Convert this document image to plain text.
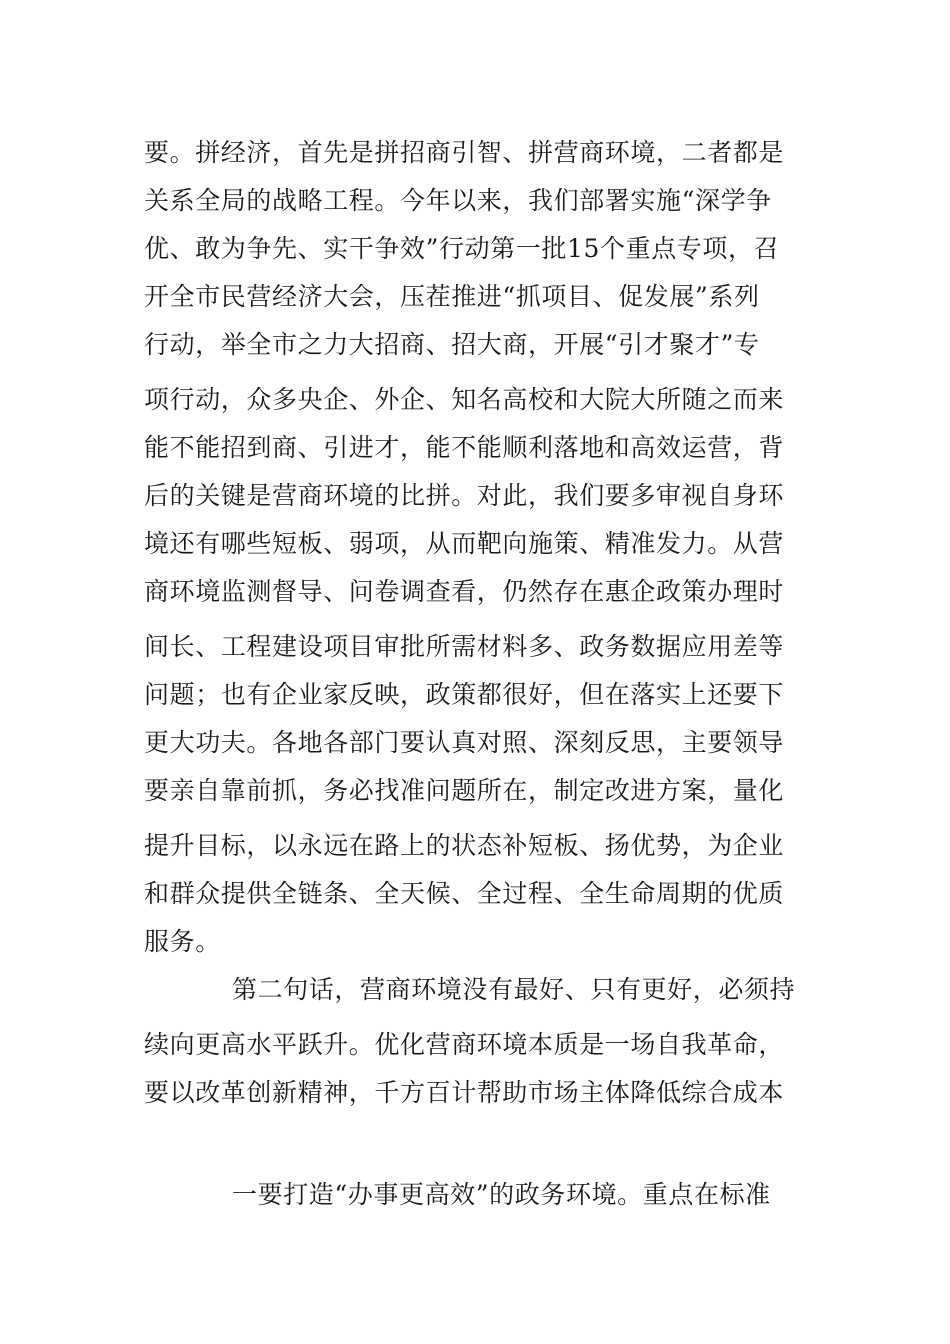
要。拼经济，首先是拼招商引智、拼营商环境，二者都是
关系全局的战略工程。今年以来，我们部署实施“深学争
优、敢为争先、实干争效”行动第一批15个重点专项，召
开全市民营经济大会，压茬推进“抓项目、促发展”系列
行动，举全市之力大招商、招大商，开展“引才聚才”专
项行动，众多央企、外企、知名高校和大院大所随之而来
能不能招到商、引进才，能不能顺利落地和高效运营，背
后的关键是营商环境的比拼。对此，我们要多审视自身环
境还有哪些短板、弱项，从而靶向施策、精准发力。从营
商环境监测督导、问卷调查看，仍然存在惠企政策办理时
间长、工程建设项目审批所需材料多、政务数据应用差等
问题；也有企业家反映，政策都很好，但在落实上还要下
更大功夫。各地各部门要认真对照、深刻反思，主要领导
要亲自靠前抓，务必找准问题所在，制定改进方案，量化
提升目标，以永远在路上的状态补短板、扬优势，为企业
和群众提供全链条、全天候、全过程、全生命周期的优质
服务。
第二句话，营商环境没有最好、只有更好，必须持
续向更高水平跃升。优化营商环境本质是一场自我革命，
要以改革创新精神，千方百计帮助市场主体降低综合成本
一要打造“办事更高效”的政务环境。重点在标准
